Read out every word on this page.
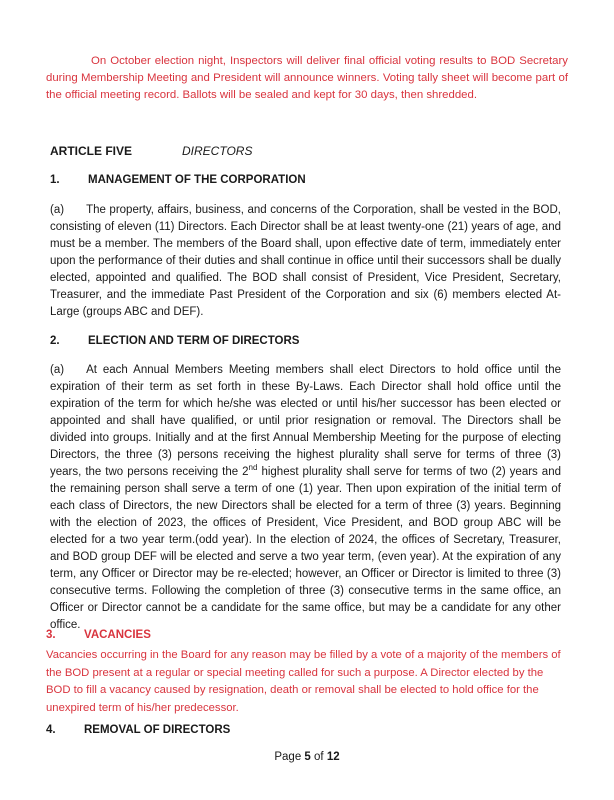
On October election night, Inspectors will deliver final official voting results to BOD Secretary during Membership Meeting and President will announce winners. Voting tally sheet will become part of the official meeting record. Ballots will be sealed and kept for 30 days, then shredded.

ARTICLE FIVE	DIRECTORS
1. MANAGEMENT OF THE CORPORATION

(a) The property, affairs, business, and concerns of the Corporation, shall be vested in the BOD, consisting of eleven (11) Directors. Each Director shall be at least twenty-one (21) years of age, and must be a member. The members of the Board shall, upon effective date of term, immediately enter upon the performance of their duties and shall continue in office until their successors shall be dually elected, appointed and qualified. The BOD shall consist of President, Vice President, Secretary, Treasurer, and the immediate Past President of the Corporation and six (6) members elected At-Large (groups ABC and DEF).

2. ELECTION AND TERM OF DIRECTORS

(a) At each Annual Members Meeting members shall elect Directors to hold office until the expiration of their term as set forth in these By-Laws. Each Director shall hold office until the expiration of the term for which he/she was elected or until his/her successor has been elected or appointed and shall have qualified, or until prior resignation or removal. The Directors shall be divided into groups. Initially and at the first Annual Membership Meeting for the purpose of electing Directors, the three (3) persons receiving the highest plurality shall serve for terms of three (3) years, the two persons receiving the 2nd highest plurality shall serve for terms of two (2) years and the remaining person shall serve a term of one (1) year. Then upon expiration of the initial term of each class of Directors, the new Directors shall be elected for a term of three (3) years. Beginning with the election of 2023, the offices of President, Vice President, and BOD group ABC will be elected for a two year term.(odd year). In the election of 2024, the offices of Secretary, Treasurer, and BOD group DEF will be elected and serve a two year term, (even year). At the expiration of any term, any Officer or Director may be re-elected; however, an Officer or Director is limited to three (3) consecutive terms. Following the completion of three (3) consecutive terms in the same office, an Officer or Director cannot be a candidate for the same office, but may be a candidate for any other office.

3. VACANCIES

Vacancies occurring in the Board for any reason may be filled by a vote of a majority of the members of the BOD present at a regular or special meeting called for such a purpose. A Director elected by the BOD to fill a vacancy caused by resignation, death or removal shall be elected to hold office for the unexpired term of his/her predecessor.

4. REMOVAL OF DIRECTORS
Page 5 of 12
